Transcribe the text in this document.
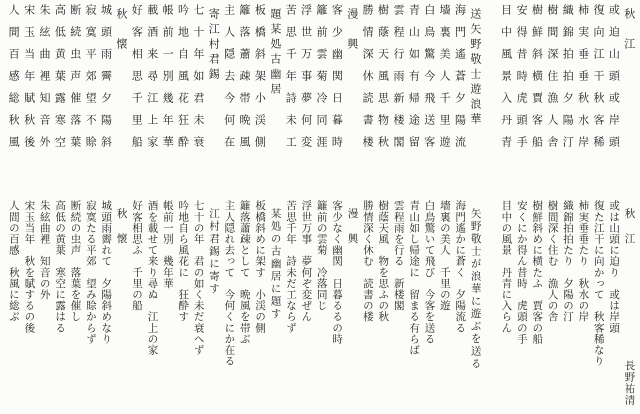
秋　江
或迫山頭或岸頭
復向江干秋客稀
柿実垂垂秋水岸
織錦拍拍夕陽汀
樹間深住漁人舎
樹鮮斜横賈客船
安得昔時虎頭手
目中風景入丹青
送矢野敬士遊浪華
海門遙蒼夕陽流
墻裏美人千里遊
白鳥驚今飛送客
青山如有帰途留
雲程行雨新楼閣
樹蔭天風思物秋
勝情深休読書楼
漫　興
客少幽関日暮時
籬前雲菊冷同涯
浮世万事夢何変
苦思千年詩未工
題某処古幽居
板橋斜架小渓側
籬落蕭疎帯晩風
主人隠去今何在
寄江村君錫
七十年如君未衰
吟地自風花狂酔
帳前一別幾年華
載酒来尋江上家
好客相思千里船
秋　懐
城頭雨霽夕陽斜
寂寞平郊望不賒
断続虫声催落葉
高低黄葉露寒空
朱絃曲裡知音外
宋玉当年賦秋後
人間百感総秋風
秋　江
長野祐清
或は山頭に迫り　或は岸頭
復た江干に向かって　秋客稀なり
柿実垂垂たり　秋水の岸
織錦拍拍たり　夕陽の汀
樹間深く住む　漁人の舎
樹鮮斜めに横たふ　賈客の船
安くにか得ん昔時　虎頭の手
目中の風景　丹青に入らん
矢野敬士が浪華に遊ぶを送る
海門遙かに蒼く　夕陽流る
墻裏の美人　千里の遊
白鳥驚いて飛び　今客を送る
青山如し帰途に　留まる有らば
雲程雨を行る　新楼閣
樹蔭天風　物を思ふの秋
勝情深く休む　読書の楼
漫　興
客少なく幽関　日暮るるの時
籬前の雲菊　冷落同じ
浮世万事　夢何ぞ変ぜん
苦思千年　詩未だ工ならず
某処の古幽居に題す
板橋斜めに架す　小渓の側
籬落蕭疎として　晩風を帯ぶ
主人隠れ去って　今何くにか在る
江村君錫に寄す
七十の年　君の如く未だ衰へず
吟地自ら風花に　狂酔す
帳前一別　幾年華
酒を載せて来り尋ぬ　江上の家
好客相思ふ　千里の船
秋　懐
城頭雨霽れて　夕陽斜めなり
寂寞たる平郊　望み賒からず
断続の虫声　落葉を催し
高低の黄葉　寒空に露はる
朱絃曲裡　知音の外
宋玉当年　秋を賦するの後
人間の百感　秋風に総ぶ
